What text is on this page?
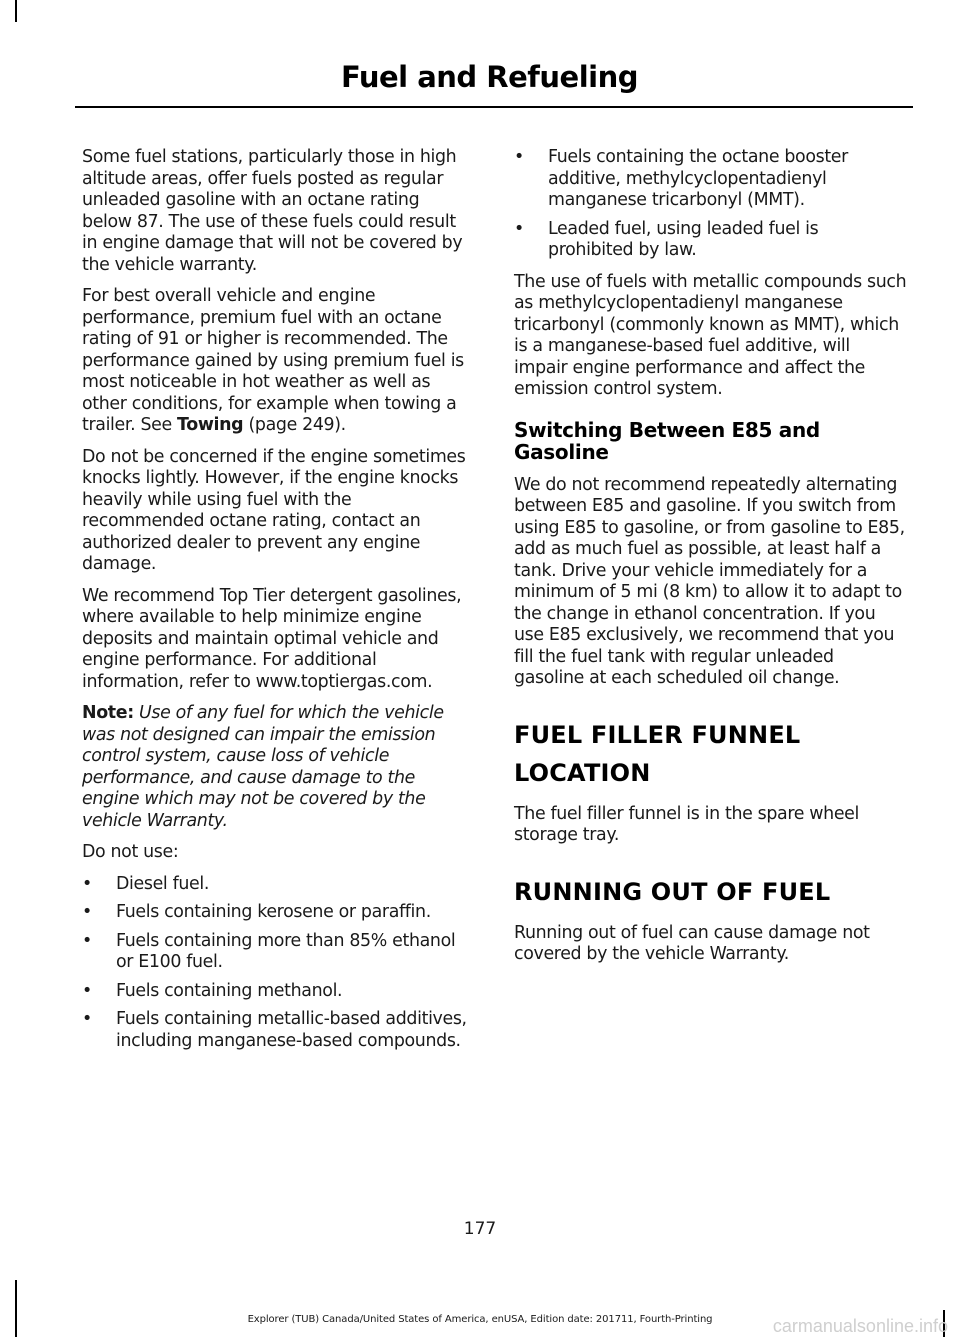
Fuel and Refueling

Some fuel stations, particularly those in high altitude areas, offer fuels posted as regular unleaded gasoline with an octane rating below 87. The use of these fuels could result in engine damage that will not be covered by the vehicle warranty.

For best overall vehicle and engine performance, premium fuel with an octane rating of 91 or higher is recommended. The performance gained by using premium fuel is most noticeable in hot weather as well as other conditions, for example when towing a trailer. See Towing (page 249).

Do not be concerned if the engine sometimes knocks lightly. However, if the engine knocks heavily while using fuel with the recommended octane rating, contact an authorized dealer to prevent any engine damage.

We recommend Top Tier detergent gasolines, where available to help minimize engine deposits and maintain optimal vehicle and engine performance. For additional information, refer to www.toptiergas.com.

Note: Use of any fuel for which the vehicle was not designed can impair the emission control system, cause loss of vehicle performance, and cause damage to the engine which may not be covered by the vehicle Warranty.

Do not use:

•	Diesel fuel.
•	Fuels containing kerosene or paraffin.
•	Fuels containing more than 85% ethanol or E100 fuel.
•	Fuels containing methanol.
•	Fuels containing metallic-based additives, including manganese-based compounds.
•	Fuels containing the octane booster additive, methylcyclopentadienyl manganese tricarbonyl (MMT).
•	Leaded fuel, using leaded fuel is prohibited by law.

The use of fuels with metallic compounds such as methylcyclopentadienyl manganese tricarbonyl (commonly known as MMT), which is a manganese-based fuel additive, will impair engine performance and affect the emission control system.

Switching Between E85 and Gasoline

We do not recommend repeatedly alternating between E85 and gasoline. If you switch from using E85 to gasoline, or from gasoline to E85, add as much fuel as possible, at least half a tank. Drive your vehicle immediately for a minimum of 5 mi (8 km) to allow it to adapt to the change in ethanol concentration. If you use E85 exclusively, we recommend that you fill the fuel tank with regular unleaded gasoline at each scheduled oil change.

FUEL FILLER FUNNEL
LOCATION

The fuel filler funnel is in the spare wheel storage tray.

RUNNING OUT OF FUEL

Running out of fuel can cause damage not covered by the vehicle Warranty.

177
Explorer (TUB) Canada/United States of America, enUSA, Edition date: 201711, Fourth-Printing	carmanualsonline.info
